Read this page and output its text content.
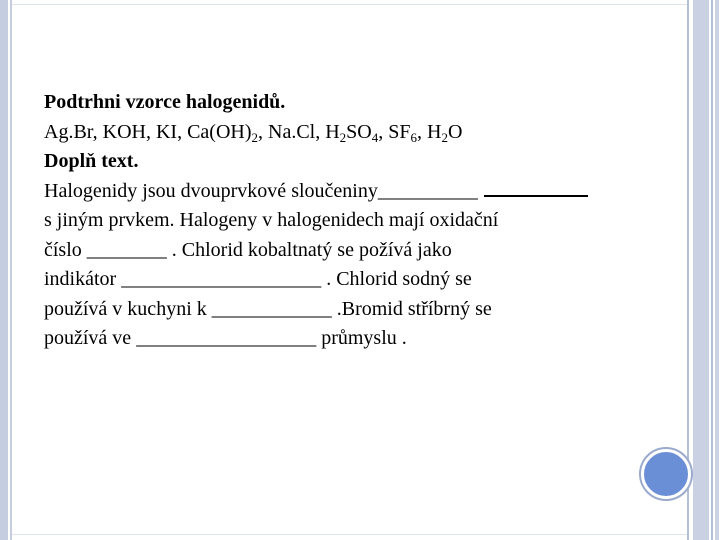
Podtrhni vzorce halogenidů.
Ag.Br, KOH, KI, $Ca(OH)_2$, Na.Cl, $H_2SO_4$, $SF_6$, $H_2O$
Doplň text.
Halogenidy jsou dvouprvkové sloučeniny__________
s jiným prvkem. Halogeny v halogenidech mají oxidační
číslo ________ . Chlorid kobaltnatý se požívá jako
indikátor ____________________ . Chlorid sodný se
používá v kuchyni k ____________ .Bromid stříbrný se
používá ve __________________ průmyslu .
